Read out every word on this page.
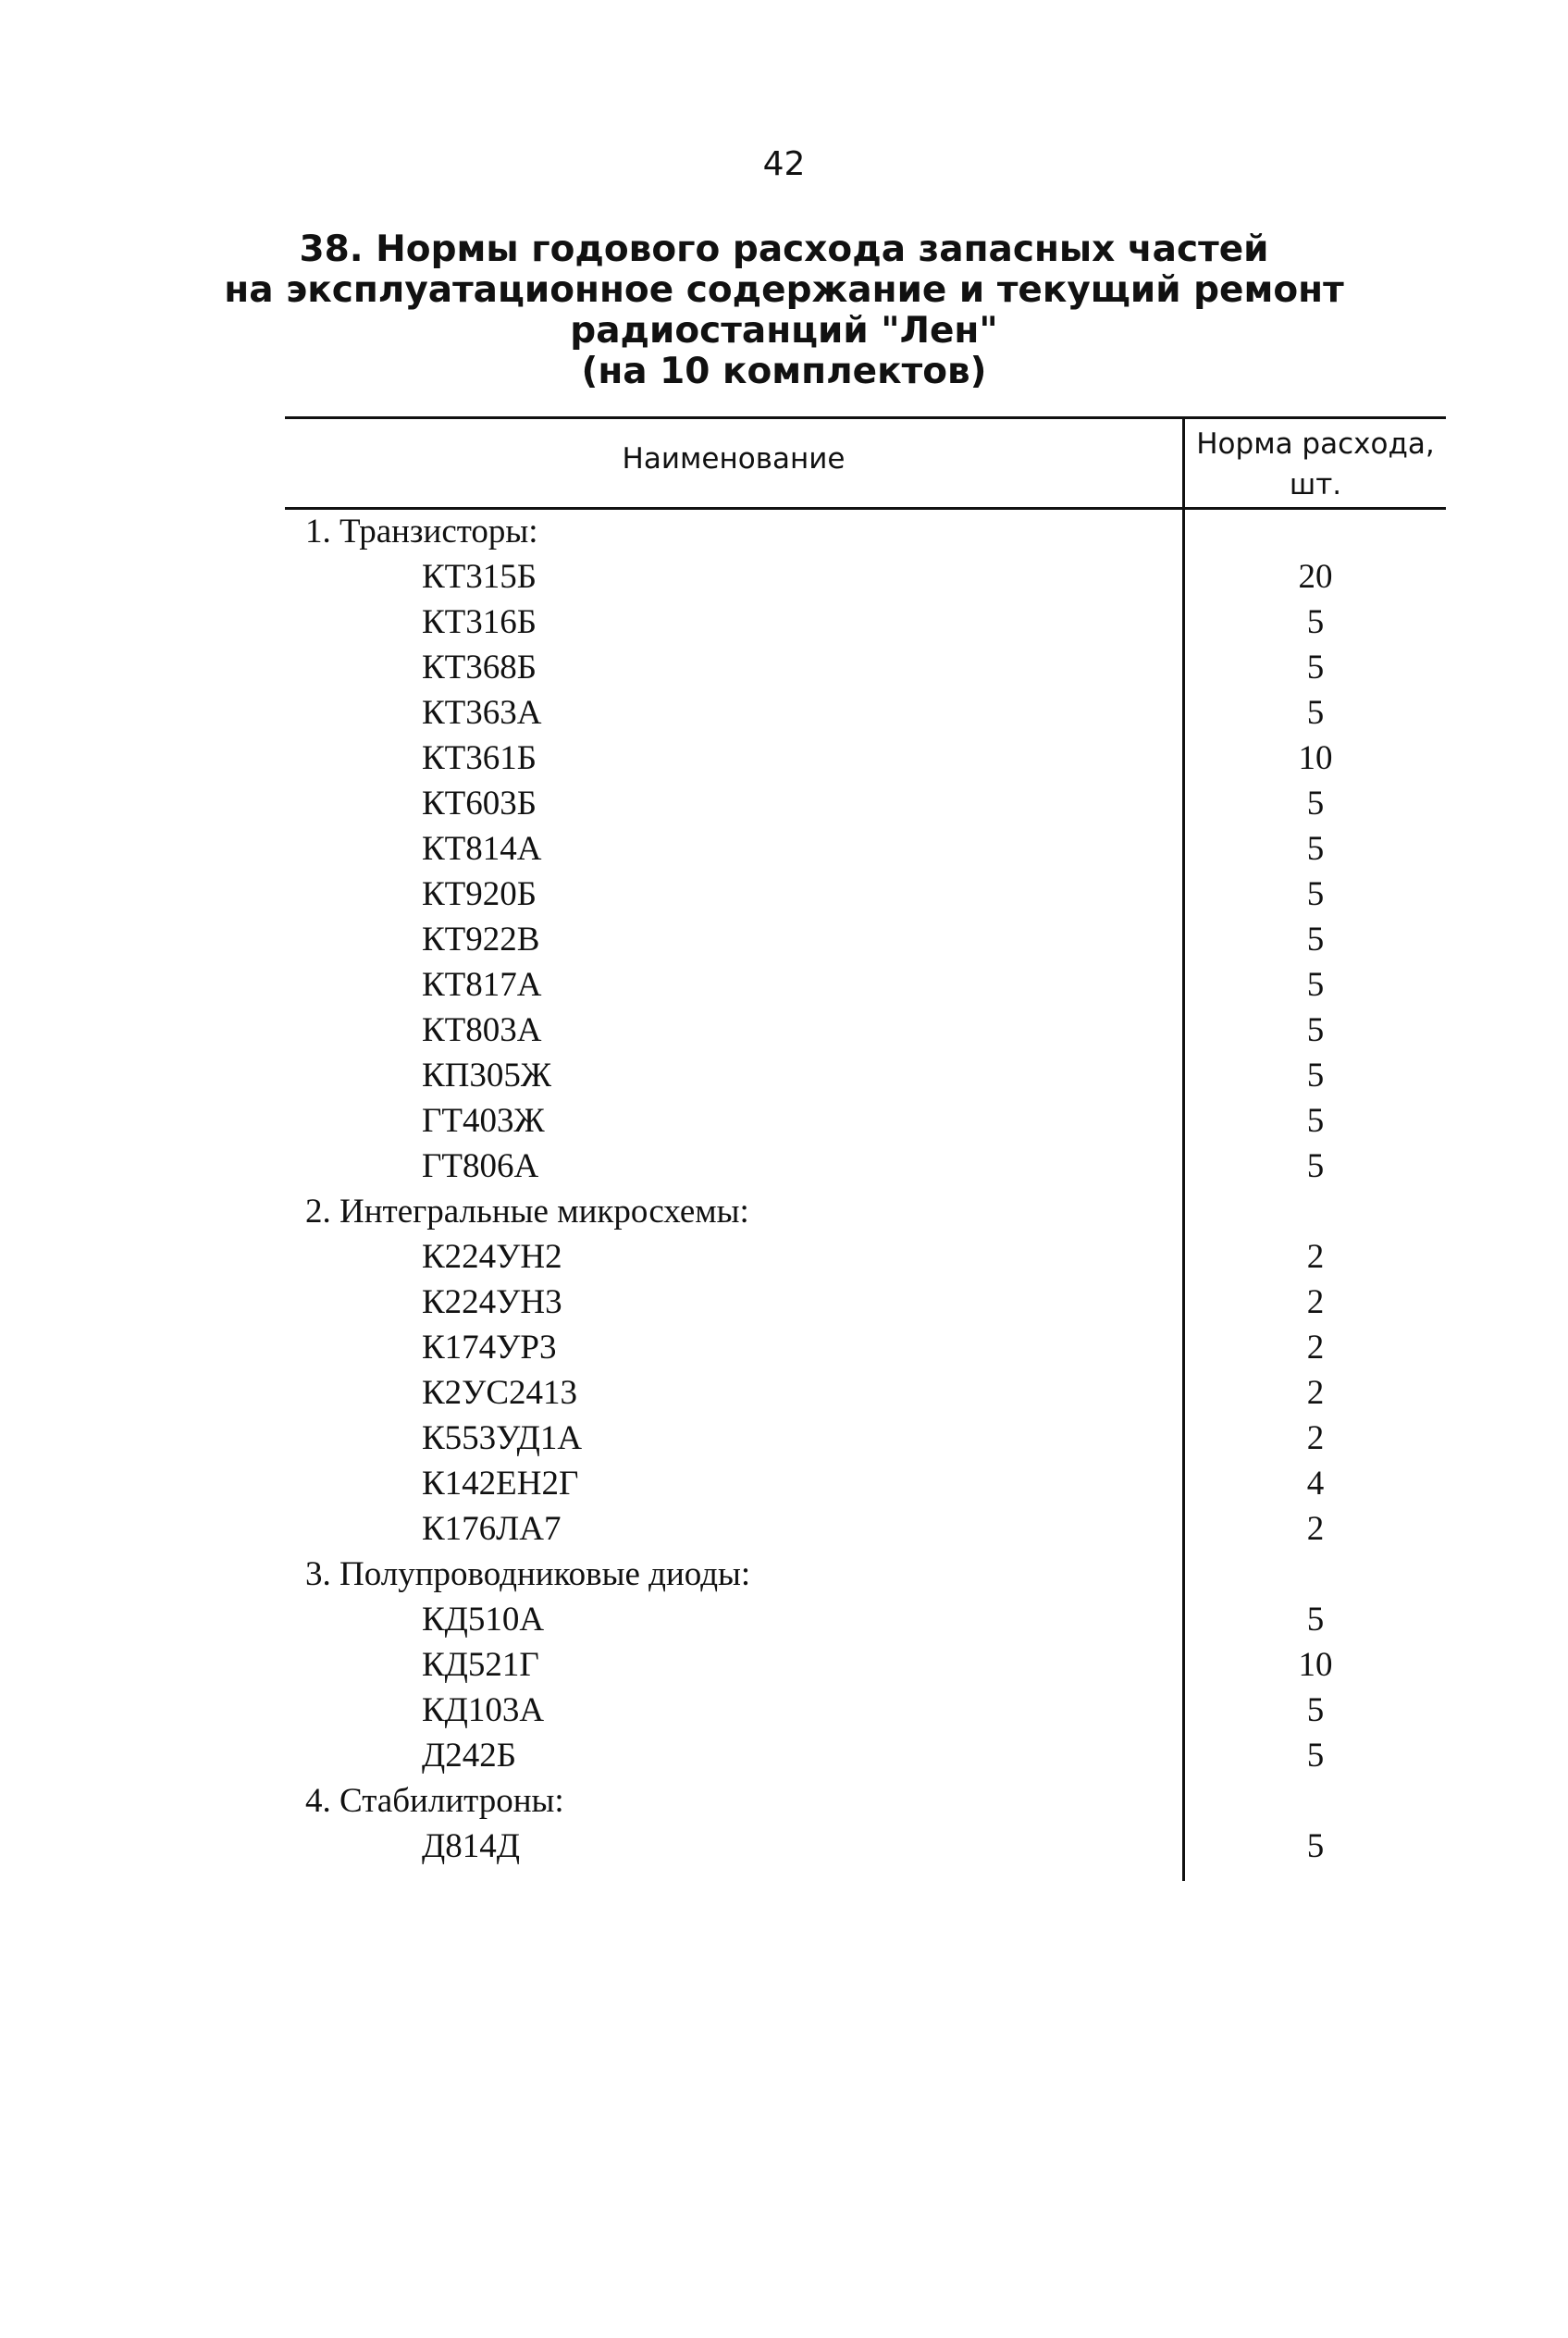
42
38. Нормы годового расхода запасных частей
на эксплуатационное содержание и текущий ремонт
радиостанций "Лен"
(на 10 комплектов)
Наименование	Норма расхода,
шт.
1. Транзисторы:
КТ315Б	20
КТ316Б	5
КТ368Б	5
КТ363А	5
КТ361Б	10
КТ603Б	5
КТ814А	5
КТ920Б	5
КТ922В	5
КТ817А	5
КТ803А	5
КП305Ж	5
ГТ403Ж	5
ГТ806А	5
2. Интегральные микросхемы:
К224УН2	2
К224УН3	2
К174УР3	2
К2УС2413	2
К553УД1А	2
К142ЕН2Г	4
К176ЛА7	2
3. Полупроводниковые диоды:
КД510А	5
КД521Г	10
КД103А	5
Д242Б	5
4. Стабилитроны:
Д814Д	5
